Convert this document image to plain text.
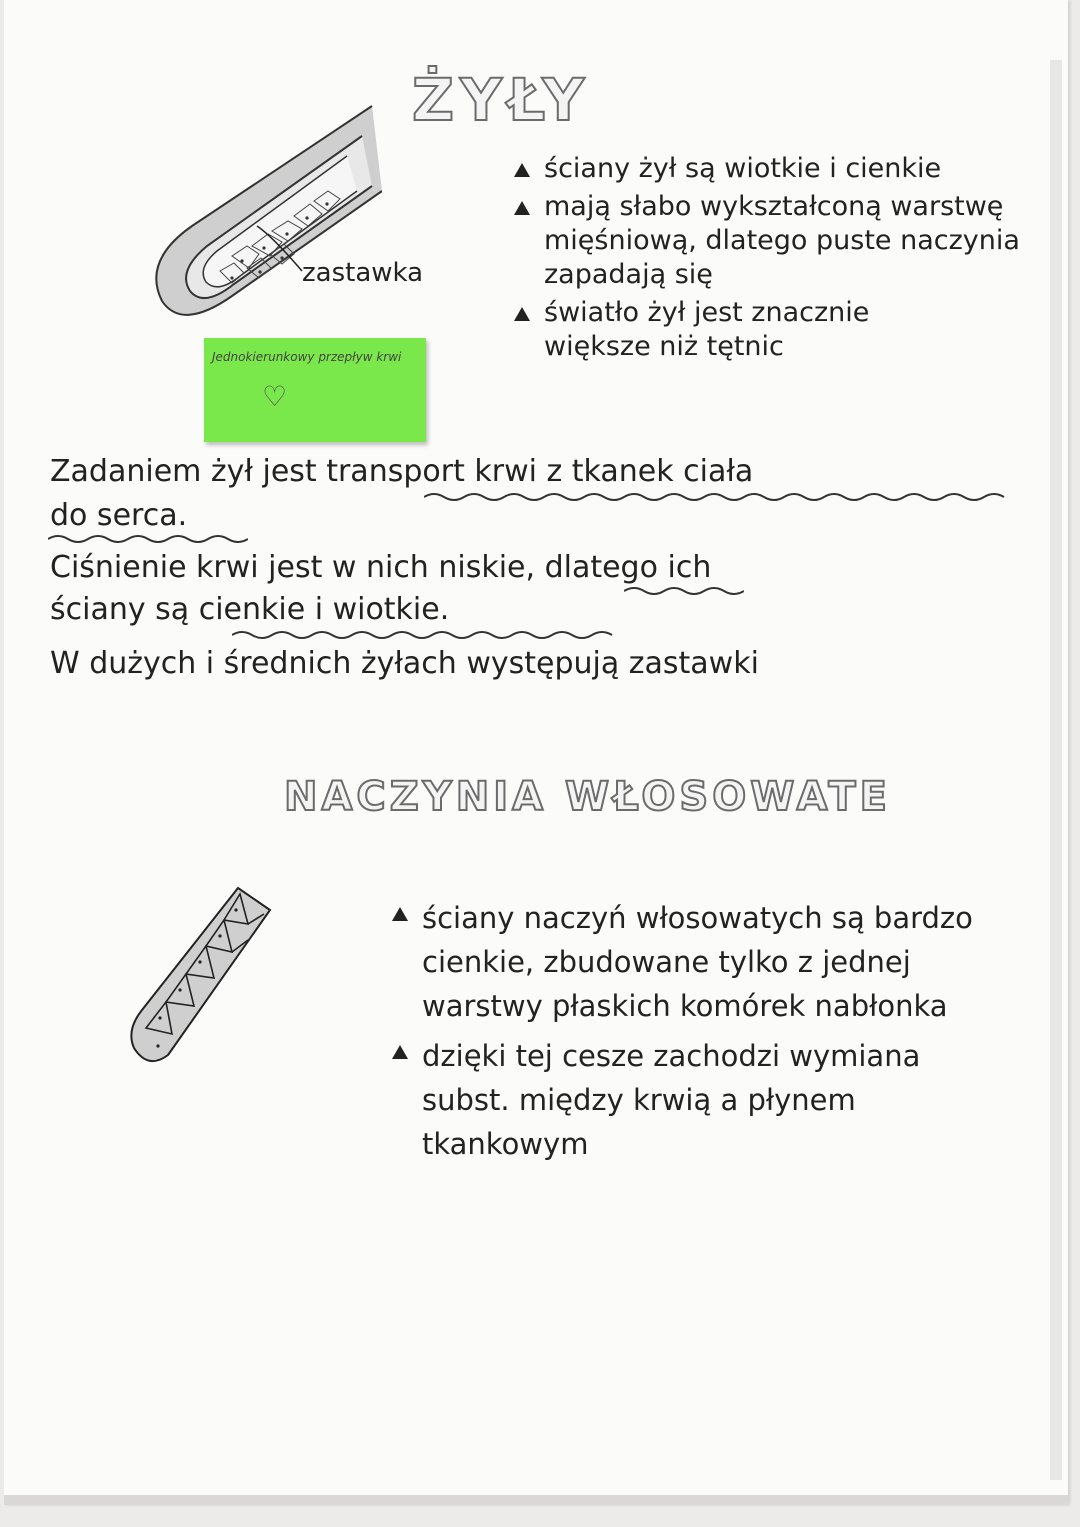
ŻYŁY
zastawka
Jednokierunkowy przepływ krwi
♡
ściany żył są wiotkie i cienkie
mają słabo wykształconą warstwę mięśniową, dlatego puste naczynia zapadają się
światło żył jest znacznie większe niż tętnic
Zadaniem żył jest transport krwi z tkanek ciała
do serca.
Ciśnienie krwi jest w nich niskie, dlatego ich
ściany są cienkie i wiotkie.
W dużych i średnich żyłach występują zastawki
NACZYNIA WŁOSOWATE
ściany naczyń włosowatych są bardzo cienkie, zbudowane tylko z jednej warstwy płaskich komórek nabłonka
dzięki tej cesze zachodzi wymiana subst. między krwią a płynem tkankowym
